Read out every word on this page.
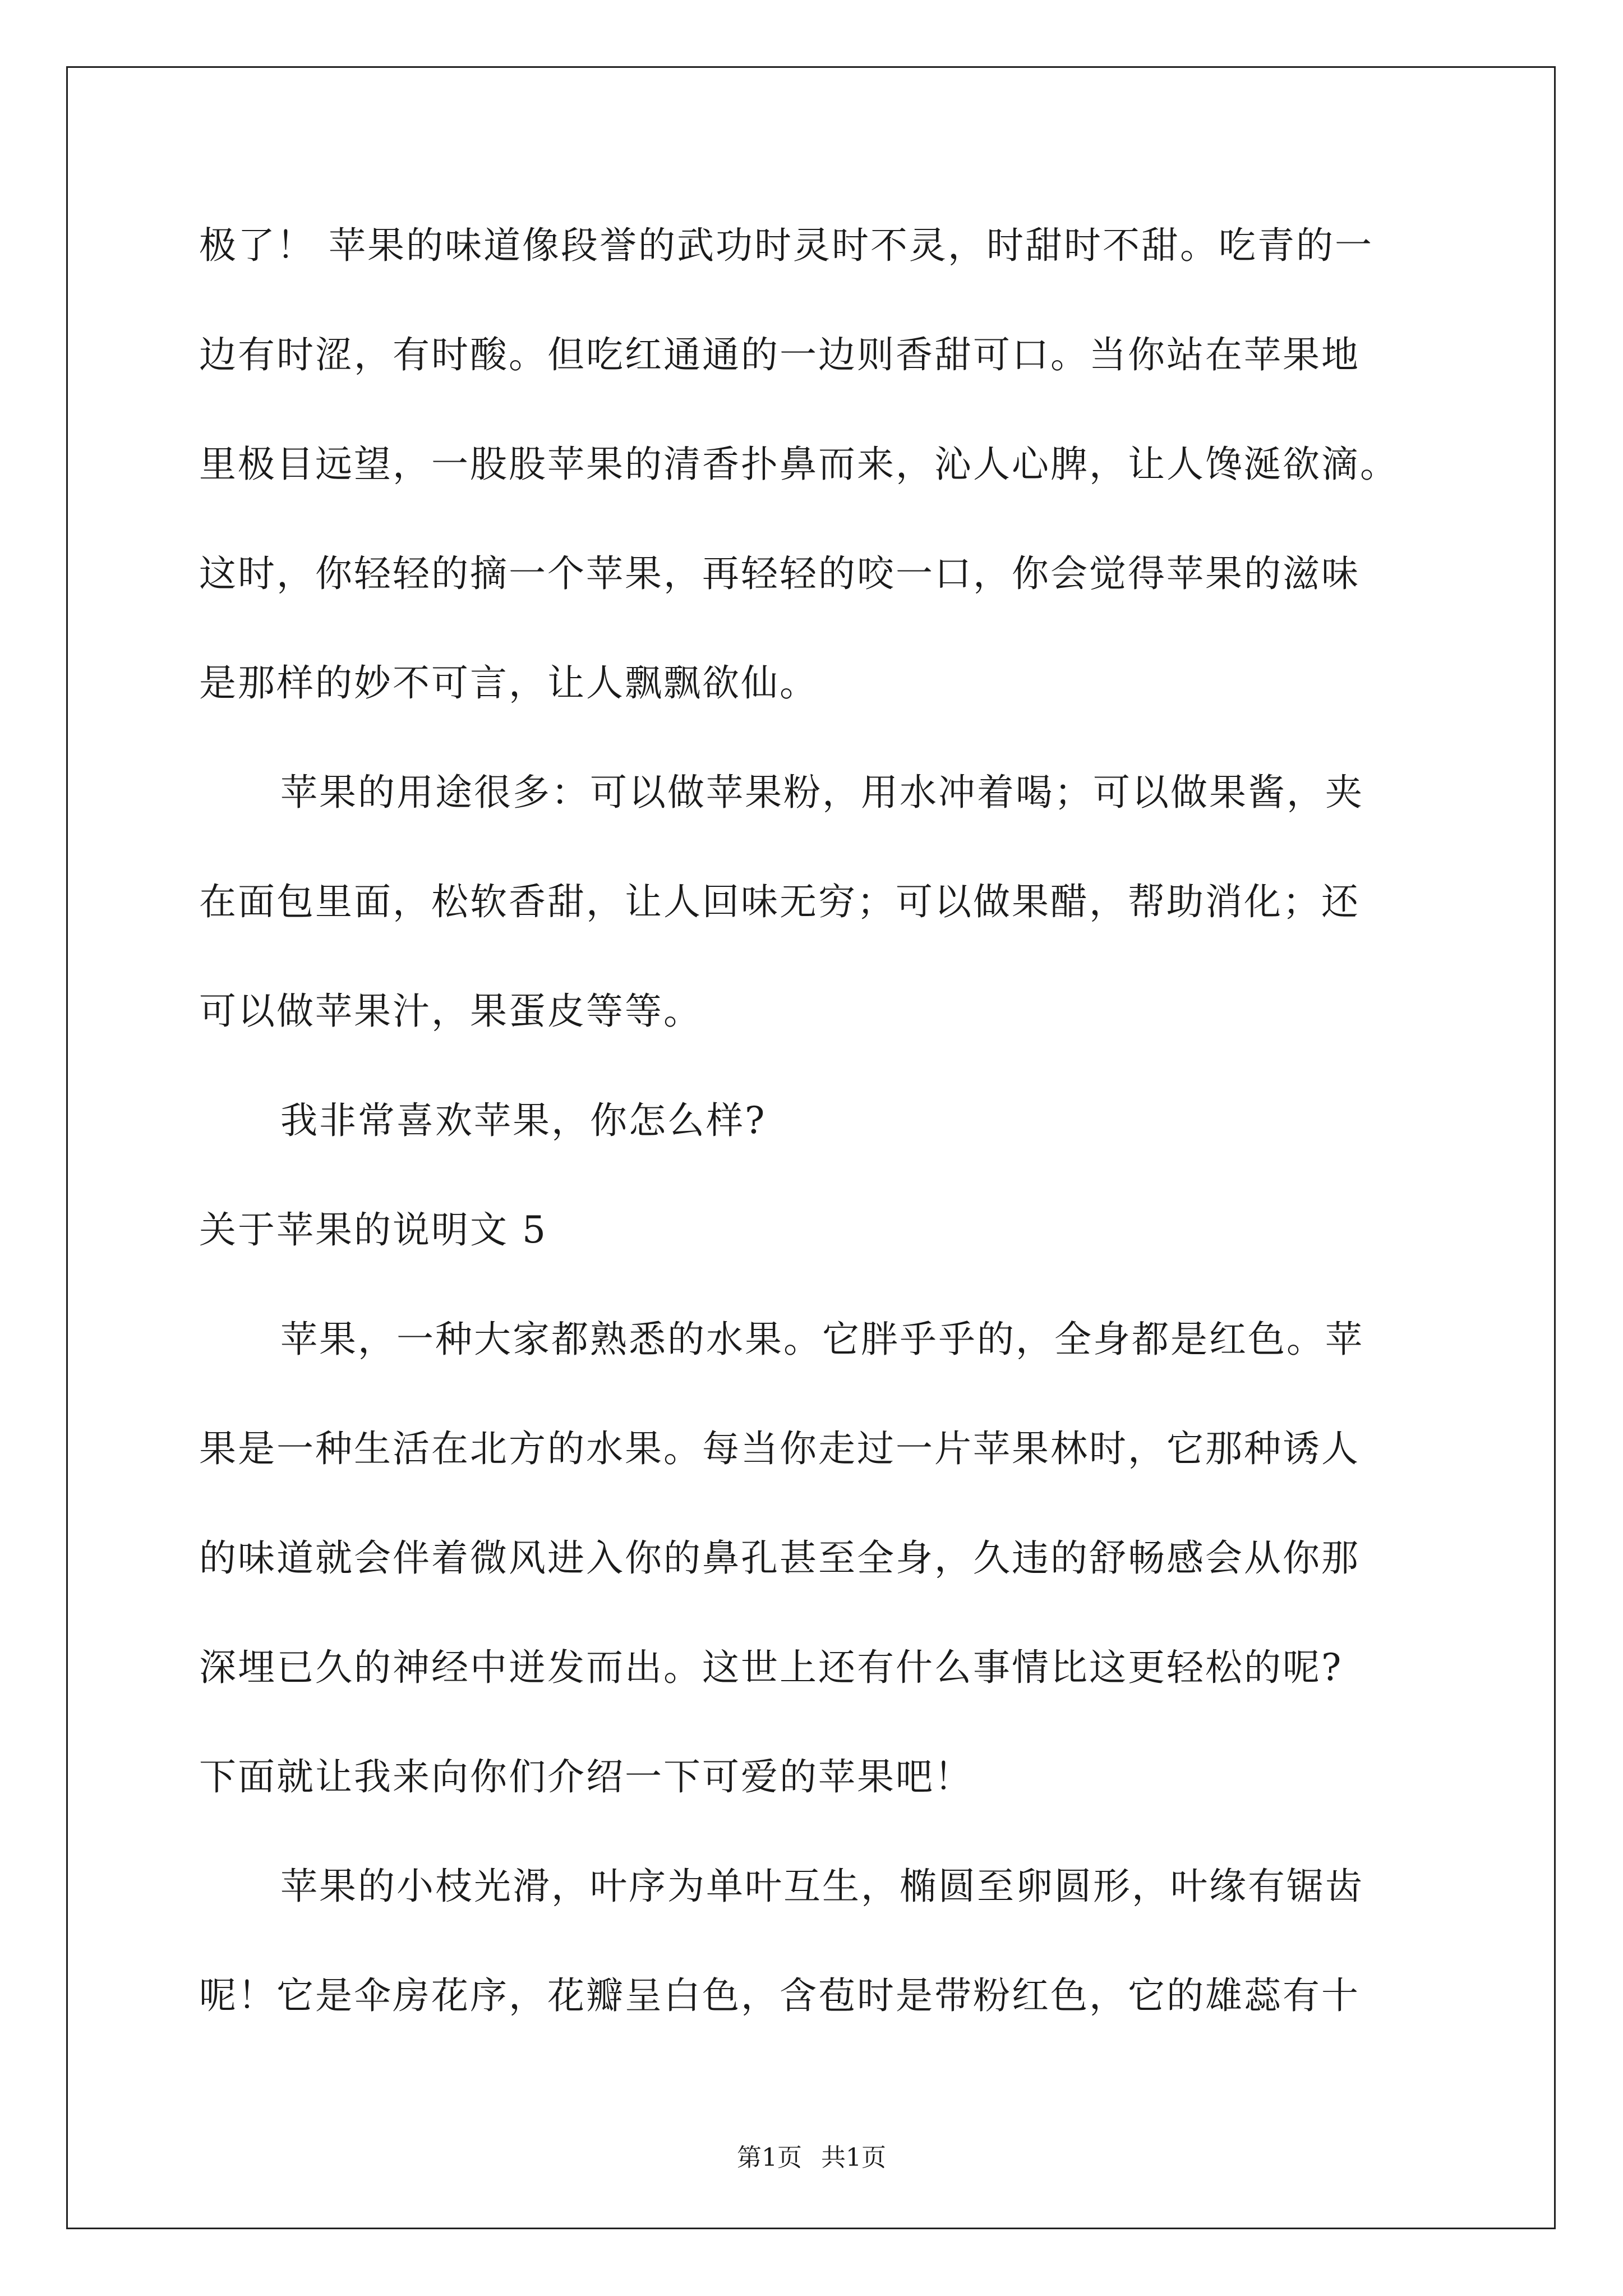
极了！ 苹果的味道像段誉的武功时灵时不灵，时甜时不甜。吃青的一

边有时涩，有时酸。但吃红通通的一边则香甜可口。当你站在苹果地

里极目远望，一股股苹果的清香扑鼻而来，沁人心脾，让人馋涎欲滴。

这时，你轻轻的摘一个苹果，再轻轻的咬一口，你会觉得苹果的滋味

是那样的妙不可言，让人飘飘欲仙。

苹果的用途很多：可以做苹果粉，用水冲着喝；可以做果酱，夹

在面包里面，松软香甜，让人回味无穷；可以做果醋，帮助消化；还

可以做苹果汁，果蛋皮等等。

我非常喜欢苹果，你怎么样?

关于苹果的说明文 5

苹果，一种大家都熟悉的水果。它胖乎乎的，全身都是红色。苹

果是一种生活在北方的水果。每当你走过一片苹果林时，它那种诱人

的味道就会伴着微风进入你的鼻孔甚至全身，久违的舒畅感会从你那

深埋已久的神经中迸发而出。这世上还有什么事情比这更轻松的呢?

下面就让我来向你们介绍一下可爱的苹果吧！

苹果的小枝光滑，叶序为单叶互生，椭圆至卵圆形，叶缘有锯齿

呢！它是伞房花序，花瓣呈白色，含苞时是带粉红色，它的雄蕊有十

第1页 共1页
